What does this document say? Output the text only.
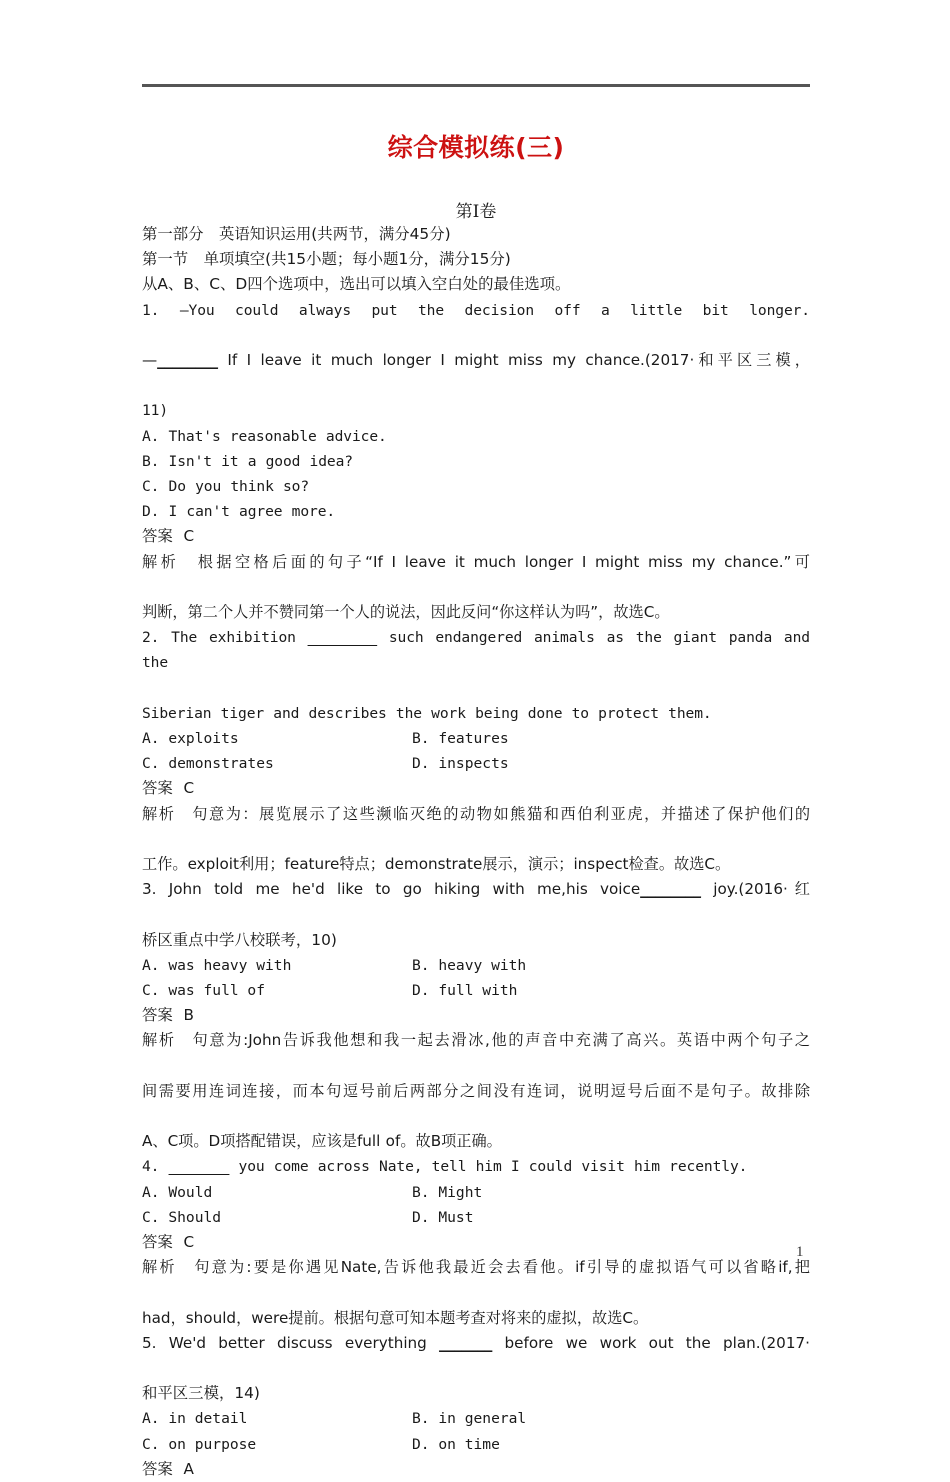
综合模拟练(三)
第Ⅰ卷
第一部分　英语知识运用(共两节，满分45分)
第一节　单项填空(共15小题；每小题1分，满分15分)
从A、B、C、D四个选项中，选出可以填入空白处的最佳选项。
1. —You could always put the decision off a little bit longer.
—________ If I leave it much longer I might miss my chance.(2017·和平区三模，
11)
A. That's reasonable advice.
B. Isn't it a good idea?
C. Do you think so?
D. I can't agree more.
答案 C
解析　根据空格后面的句子“If I leave it much longer I might miss my chance.”可
判断，第二个人并不赞同第一个人的说法，因此反问“你这样认为吗”，故选C。
2. The exhibition ________ such endangered animals as the giant panda and the
Siberian tiger and describes the work being done to protect them.
A. exploits	B. features
C. demonstrates	D. inspects
答案 C
解析　句意为：展览展示了这些濒临灭绝的动物如熊猫和西伯利亚虎，并描述了保护他们的
工作。exploit利用；feature特点；demonstrate展示，演示；inspect检查。故选C。
3. John told me he'd like to go hiking with me,his voice________ joy.(2016·红
桥区重点中学八校联考，10)
A. was heavy with	B. heavy with
C. was full of	D. full with
答案 B
解析　句意为:John告诉我他想和我一起去滑冰,他的声音中充满了高兴。英语中两个句子之
间需要用连词连接，而本句逗号前后两部分之间没有连词，说明逗号后面不是句子。故排除
A、C项。D项搭配错误，应该是full of。故B项正确。
4. _______ you come across Nate, tell him I could visit him recently.
A. Would	B. Might
C. Should	D. Must
答案 C
解析　句意为:要是你遇见Nate,告诉他我最近会去看他。if引导的虚拟语气可以省略if,把
had，should，were提前。根据句意可知本题考查对将来的虚拟，故选C。
5. We'd better discuss everything _______ before we work out the plan.(2017·
和平区三模，14)
A. in detail	B. in general
C. on purpose	D. on time
答案 A
1
